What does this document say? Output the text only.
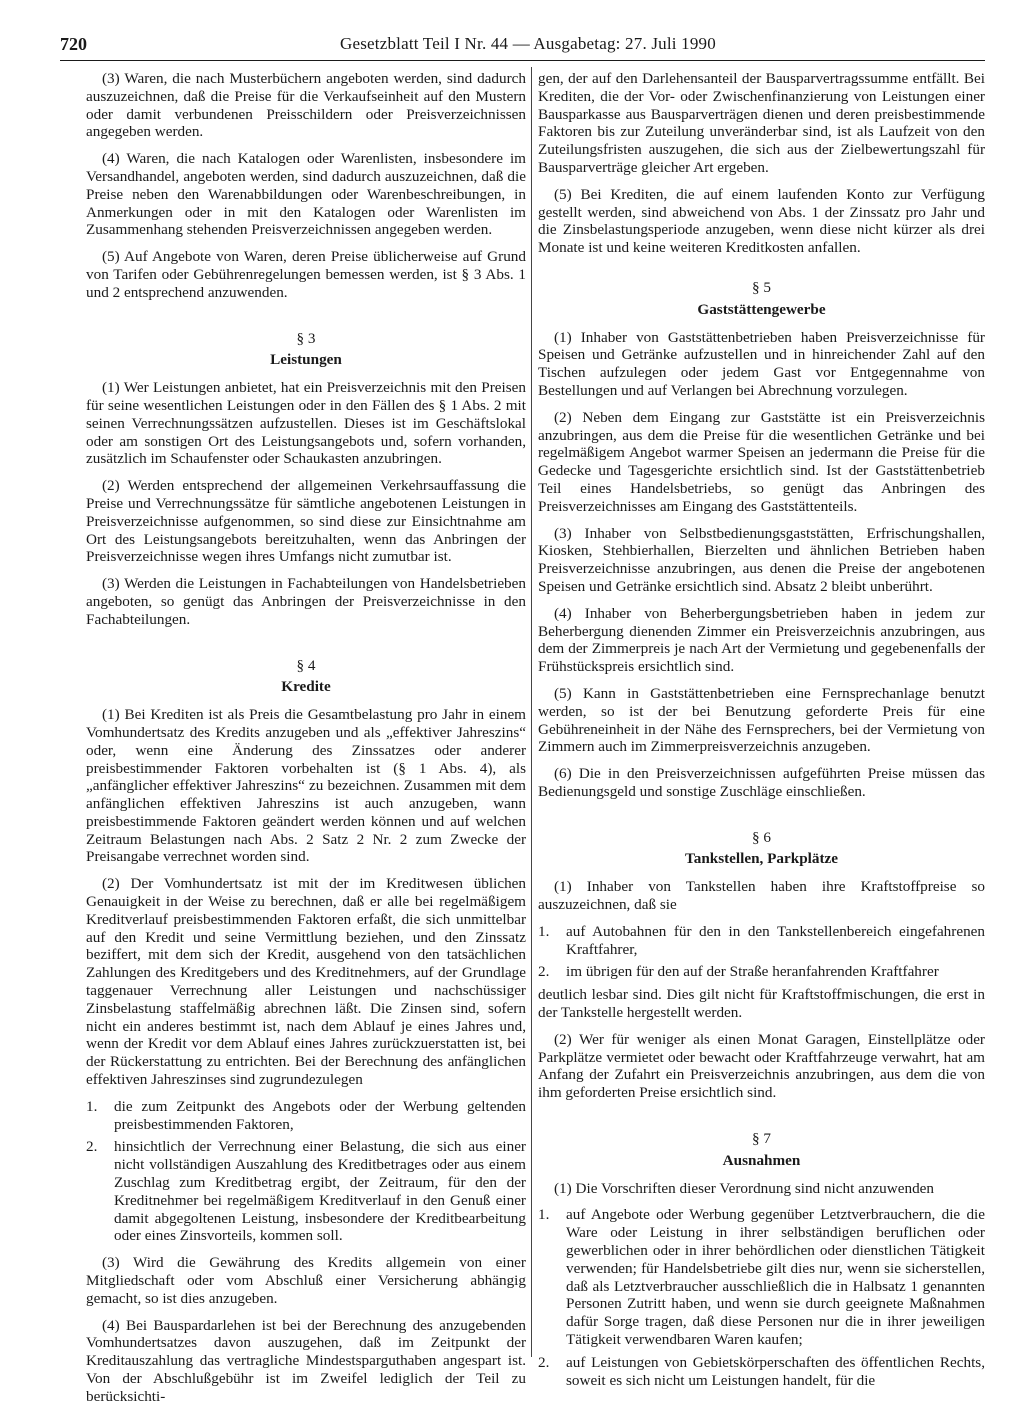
720	Gesetzblatt Teil I Nr. 44 — Ausgabetag: 27. Juli 1990

(3) Waren, die nach Musterbüchern angeboten werden, sind dadurch auszuzeichnen, daß die Preise für die Verkaufseinheit auf den Mustern oder damit verbundenen Preisschildern oder Preisverzeichnissen angegeben werden.

(4) Waren, die nach Katalogen oder Warenlisten, insbesondere im Versandhandel, angeboten werden, sind dadurch auszuzeichnen, daß die Preise neben den Warenabbildungen oder Warenbeschreibungen, in Anmerkungen oder in mit den Katalogen oder Warenlisten im Zusammenhang stehenden Preisverzeichnissen angegeben werden.

(5) Auf Angebote von Waren, deren Preise üblicherweise auf Grund von Tarifen oder Gebührenregelungen bemessen werden, ist § 3 Abs. 1 und 2 entsprechend anzuwenden.

§ 3

Leistungen

(1) Wer Leistungen anbietet, hat ein Preisverzeichnis mit den Preisen für seine wesentlichen Leistungen oder in den Fällen des § 1 Abs. 2 mit seinen Verrechnungssätzen aufzustellen. Dieses ist im Geschäftslokal oder am sonstigen Ort des Leistungsangebots und, sofern vorhanden, zusätzlich im Schaufenster oder Schaukasten anzubringen.

(2) Werden entsprechend der allgemeinen Verkehrsauffassung die Preise und Verrechnungssätze für sämtliche angebotenen Leistungen in Preisverzeichnisse aufgenommen, so sind diese zur Einsichtnahme am Ort des Leistungsangebots bereitzuhalten, wenn das Anbringen der Preisverzeichnisse wegen ihres Umfangs nicht zumutbar ist.

(3) Werden die Leistungen in Fachabteilungen von Handelsbetrieben angeboten, so genügt das Anbringen der Preisverzeichnisse in den Fachabteilungen.

§ 4

Kredite

(1) Bei Krediten ist als Preis die Gesamtbelastung pro Jahr in einem Vomhundertsatz des Kredits anzugeben und als „effektiver Jahreszins“ oder, wenn eine Änderung des Zinssatzes oder anderer preisbestimmender Faktoren vorbehalten ist (§ 1 Abs. 4), als „anfänglicher effektiver Jahreszins“ zu bezeichnen. Zusammen mit dem anfänglichen effektiven Jahreszins ist auch anzugeben, wann preisbestimmende Faktoren geändert werden können und auf welchen Zeitraum Belastungen nach Abs. 2 Satz 2 Nr. 2 zum Zwecke der Preisangabe verrechnet worden sind.

(2) Der Vomhundertsatz ist mit der im Kreditwesen üblichen Genauigkeit in der Weise zu berechnen, daß er alle bei regelmäßigem Kreditverlauf preisbestimmenden Faktoren erfaßt, die sich unmittelbar auf den Kredit und seine Vermittlung beziehen, und den Zinssatz beziffert, mit dem sich der Kredit, ausgehend von den tatsächlichen Zahlungen des Kreditgebers und des Kreditnehmers, auf der Grundlage taggenauer Verrechnung aller Leistungen und nachschüssiger Zinsbelastung staffelmäßig abrechnen läßt. Die Zinsen sind, sofern nicht ein anderes bestimmt ist, nach dem Ablauf je eines Jahres und, wenn der Kredit vor dem Ablauf eines Jahres zurückzuerstatten ist, bei der Rückerstattung zu entrichten. Bei der Berechnung des anfänglichen effektiven Jahreszinses sind zugrundezulegen

1.	die zum Zeitpunkt des Angebots oder der Werbung geltenden preisbestimmenden Faktoren,
2.	hinsichtlich der Verrechnung einer Belastung, die sich aus einer nicht vollständigen Auszahlung des Kreditbetrages oder aus einem Zuschlag zum Kreditbetrag ergibt, der Zeitraum, für den der Kreditnehmer bei regelmäßigem Kreditverlauf in den Genuß einer damit abgegoltenen Leistung, insbesondere der Kreditbearbeitung oder eines Zinsvorteils, kommen soll.

(3) Wird die Gewährung des Kredits allgemein von einer Mitgliedschaft oder vom Abschluß einer Versicherung abhängig gemacht, so ist dies anzugeben.

(4) Bei Bauspardarlehen ist bei der Berechnung des anzugebenden Vomhundertsatzes davon auszugehen, daß im Zeitpunkt der Kreditauszahlung das vertragliche Mindestsparguthaben angespart ist. Von der Abschlußgebühr ist im Zweifel lediglich der Teil zu berücksichti-

gen, der auf den Darlehensanteil der Bausparvertragssumme entfällt. Bei Krediten, die der Vor- oder Zwischenfinanzierung von Leistungen einer Bausparkasse aus Bausparverträgen dienen und deren preisbestimmende Faktoren bis zur Zuteilung unveränderbar sind, ist als Laufzeit von den Zuteilungsfristen auszugehen, die sich aus der Zielbewertungszahl für Bausparverträge gleicher Art ergeben.

(5) Bei Krediten, die auf einem laufenden Konto zur Verfügung gestellt werden, sind abweichend von Abs. 1 der Zinssatz pro Jahr und die Zinsbelastungsperiode anzugeben, wenn diese nicht kürzer als drei Monate ist und keine weiteren Kreditkosten anfallen.

§ 5

Gaststättengewerbe

(1) Inhaber von Gaststättenbetrieben haben Preisverzeichnisse für Speisen und Getränke aufzustellen und in hinreichender Zahl auf den Tischen aufzulegen oder jedem Gast vor Entgegennahme von Bestellungen und auf Verlangen bei Abrechnung vorzulegen.

(2) Neben dem Eingang zur Gaststätte ist ein Preisverzeichnis anzubringen, aus dem die Preise für die wesentlichen Getränke und bei regelmäßigem Angebot warmer Speisen an jedermann die Preise für die Gedecke und Tagesgerichte ersichtlich sind. Ist der Gaststättenbetrieb Teil eines Handelsbetriebs, so genügt das Anbringen des Preisverzeichnisses am Eingang des Gaststättenteils.

(3) Inhaber von Selbstbedienungsgaststätten, Erfrischungshallen, Kiosken, Stehbierhallen, Bierzelten und ähnlichen Betrieben haben Preisverzeichnisse anzubringen, aus denen die Preise der angebotenen Speisen und Getränke ersichtlich sind. Absatz 2 bleibt unberührt.

(4) Inhaber von Beherbergungsbetrieben haben in jedem zur Beherbergung dienenden Zimmer ein Preisverzeichnis anzubringen, aus dem der Zimmerpreis je nach Art der Vermietung und gegebenenfalls der Frühstückspreis ersichtlich sind.

(5) Kann in Gaststättenbetrieben eine Fernsprechanlage benutzt werden, so ist der bei Benutzung geforderte Preis für eine Gebühreneinheit in der Nähe des Fernsprechers, bei der Vermietung von Zimmern auch im Zimmerpreisverzeichnis anzugeben.

(6) Die in den Preisverzeichnissen aufgeführten Preise müssen das Bedienungsgeld und sonstige Zuschläge einschließen.

§ 6

Tankstellen, Parkplätze

(1) Inhaber von Tankstellen haben ihre Kraftstoffpreise so auszuzeichnen, daß sie

1.	auf Autobahnen für den in den Tankstellenbereich eingefahrenen Kraftfahrer,
2.	im übrigen für den auf der Straße heranfahrenden Kraftfahrer

deutlich lesbar sind. Dies gilt nicht für Kraftstoffmischungen, die erst in der Tankstelle hergestellt werden.

(2) Wer für weniger als einen Monat Garagen, Einstellplätze oder Parkplätze vermietet oder bewacht oder Kraftfahrzeuge verwahrt, hat am Anfang der Zufahrt ein Preisverzeichnis anzubringen, aus dem die von ihm geforderten Preise ersichtlich sind.

§ 7

Ausnahmen

(1) Die Vorschriften dieser Verordnung sind nicht anzuwenden

1.	auf Angebote oder Werbung gegenüber Letztverbrauchern, die die Ware oder Leistung in ihrer selbständigen beruflichen oder gewerblichen oder in ihrer behördlichen oder dienstlichen Tätigkeit verwenden; für Handelsbetriebe gilt dies nur, wenn sie sicherstellen, daß als Letztverbraucher ausschließlich die in Halbsatz 1 genannten Personen Zutritt haben, und wenn sie durch geeignete Maßnahmen dafür Sorge tragen, daß diese Personen nur die in ihrer jeweiligen Tätigkeit verwendbaren Waren kaufen;
2.	auf Leistungen von Gebietskörperschaften des öffentlichen Rechts, soweit es sich nicht um Leistungen handelt, für die
